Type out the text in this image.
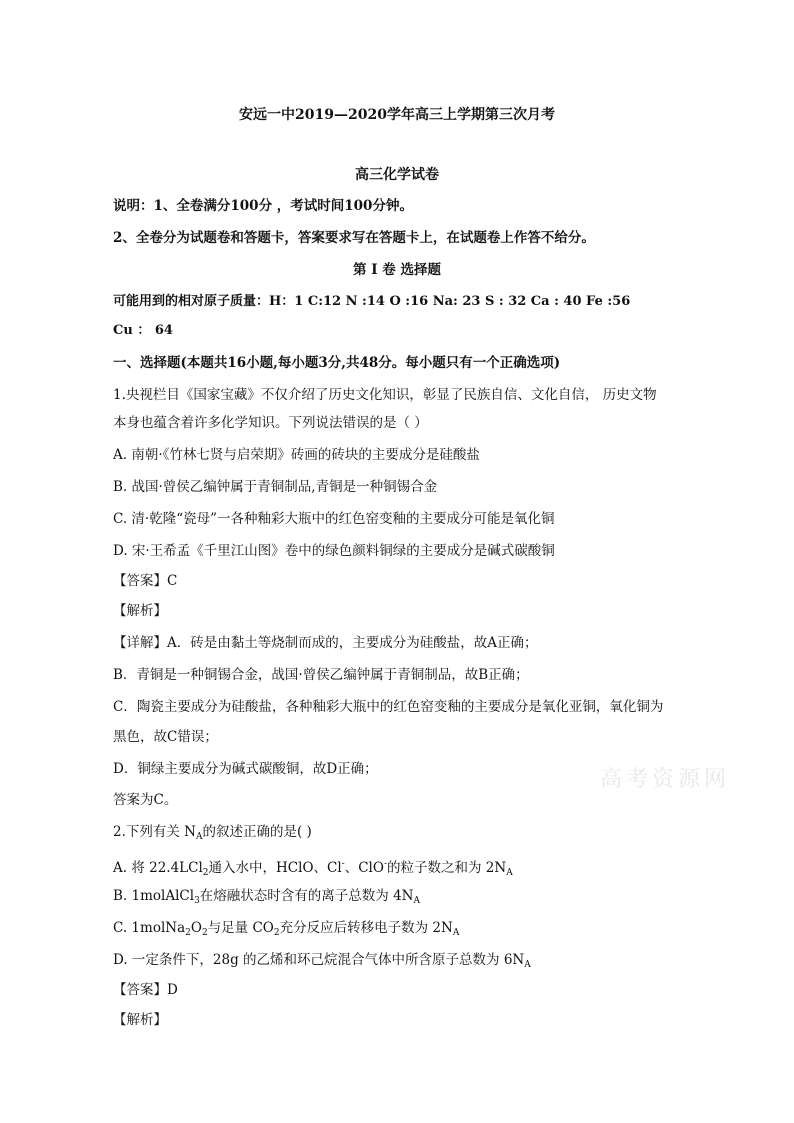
安远一中2019—2020学年高三上学期第三次月考
高三化学试卷
说明：1、全卷满分100分 ，考试时间100分钟。
2、全卷分为试题卷和答题卡，答案要求写在答题卡上，在试题卷上作答不给分。
第 Ⅰ 卷 选择题
可能用到的相对原子质量：H：1 C:12 N :14 O :16 Na: 23 S : 32 Ca : 40 Fe :56
Cu ： 64
一、选择题(本题共16小题,每小题3分,共48分。每小题只有一个正确选项)
1.央视栏目《国家宝藏》不仅介绍了历史文化知识，彰显了民族自信、文化自信， 历史文物
本身也蕴含着许多化学知识。下列说法错误的是（ ）
A. 南朝·《竹林七贤与启荣期》砖画的砖块的主要成分是硅酸盐
B. 战国·曾侯乙编钟属于青铜制品,青铜是一种铜锡合金
C. 清·乾隆“瓷母”一各种釉彩大瓶中的红色窑变釉的主要成分可能是氧化铜
D. 宋·王希孟《千里江山图》卷中的绿色颜料铜绿的主要成分是碱式碳酸铜
【答案】C
【解析】
【详解】A．砖是由黏土等烧制而成的，主要成分为硅酸盐，故A正确；
B．青铜是一种铜锡合金，战国·曾侯乙编钟属于青铜制品，故B正确；
C．陶瓷主要成分为硅酸盐，各种釉彩大瓶中的红色窑变釉的主要成分是氧化亚铜，氧化铜为
黑色，故C错误；
D．铜绿主要成分为碱式碳酸铜，故D正确；
答案为C。
2.下列有关 $N_A$的叙述正确的是( )
A. 将 22.4LCl$_2$通入水中，HClO、Cl-、ClO-的粒子数之和为 $2N_A$
B. 1molAlCl$_3$在熔融状态时含有的离子总数为 $4N_A$
C. $1molNa_2O_2$与足量 $CO_2$充分反应后转移电子数为 $2N_A$
D. 一定条件下，28g 的乙烯和环己烷混合气体中所含原子总数为 $6N_A$
【答案】D
【解析】
高考资源网
